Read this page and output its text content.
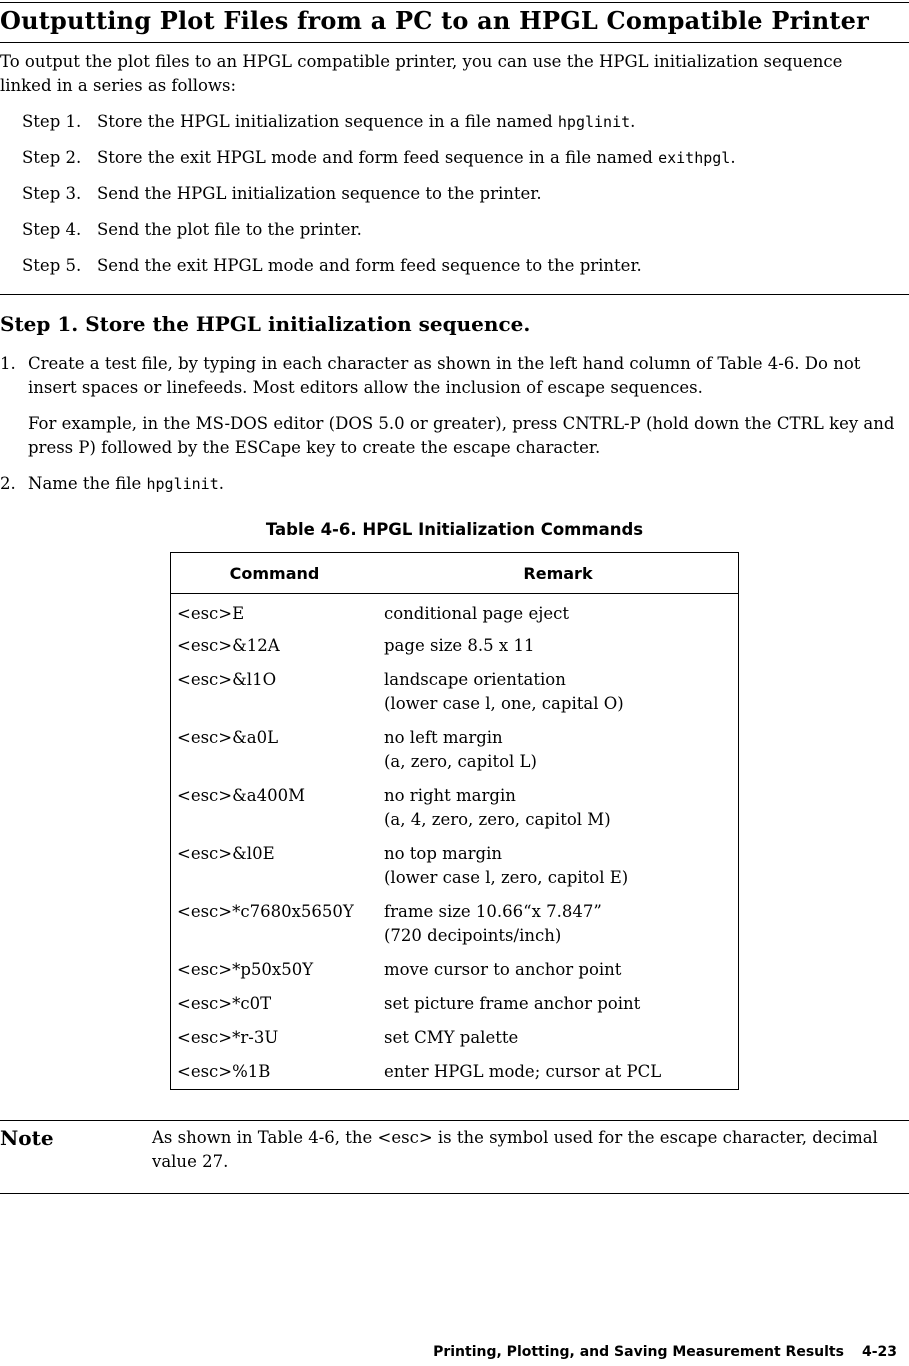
Outputting Plot Files from a PC to an HPGL Compatible Printer
To output the plot files to an HPGL compatible printer, you can use the HPGL initialization sequence linked in a series as follows:
Step 1. Store the HPGL initialization sequence in a file named hpglinit.
Step 2. Store the exit HPGL mode and form feed sequence in a file named exithpgl.
Step 3. Send the HPGL initialization sequence to the printer.
Step 4. Send the plot file to the printer.
Step 5. Send the exit HPGL mode and form feed sequence to the printer.
Step 1. Store the HPGL initialization sequence.
1. Create a test file, by typing in each character as shown in the left hand column of Table 4-6. Do not insert spaces or linefeeds. Most editors allow the inclusion of escape sequences.
For example, in the MS-DOS editor (DOS 5.0 or greater), press CNTRL-P (hold down the CTRL key and press P) followed by the ESCape key to create the escape character.
2. Name the file hpglinit.
Table 4-6. HPGL Initialization Commands
Command	Remark
<esc>E	conditional page eject

<esc>&12A	page size 8.5 x 11

<esc>&l1O	landscape orientation
(lower case l, one, capital O)

<esc>&a0L	no left margin
(a, zero, capitol L)

<esc>&a400M	no right margin
(a, 4, zero, zero, capitol M)

<esc>&l0E	no top margin
(lower case l, zero, capitol E)

<esc>*c7680x5650Y	frame size 10.66“x 7.847”
(720 decipoints/inch)

<esc>*p50x50Y	move cursor to anchor point

<esc>*c0T	set picture frame anchor point

<esc>*r-3U	set CMY palette

<esc>%1B	enter HPGL mode; cursor at PCL
Note	As shown in Table 4-6, the <esc> is the symbol used for the escape character, decimal value 27.
Printing, Plotting, and Saving Measurement Results 4-23
